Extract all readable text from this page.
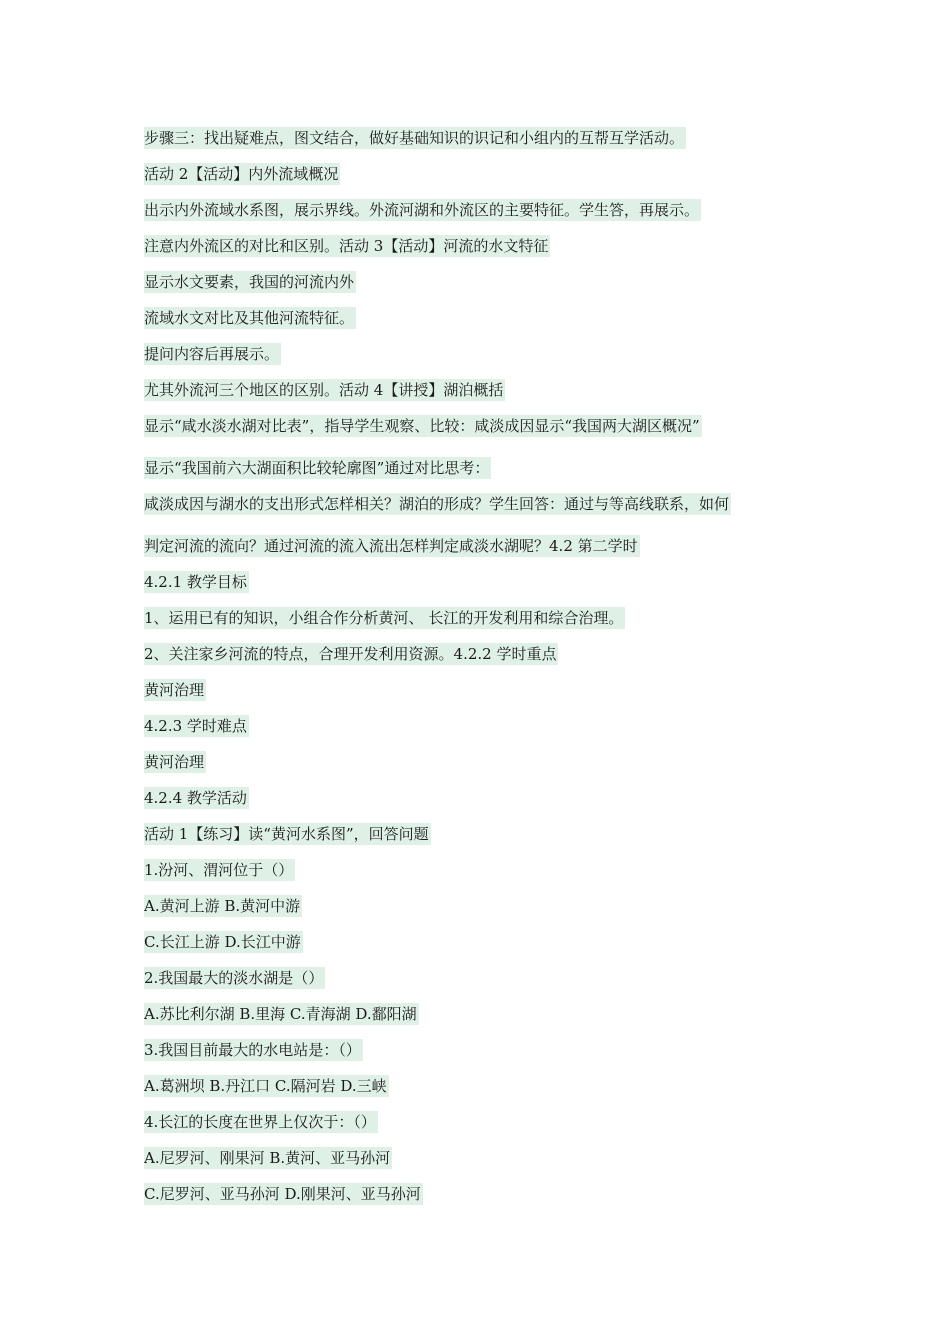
步骤三：找出疑难点，图文结合，做好基础知识的识记和小组内的互帮互学活动。
活动 2【活动】内外流域概况
出示内外流域水系图，展示界线。外流河湖和外流区的主要特征。学生答，再展示。
注意内外流区的对比和区别。活动 3【活动】河流的水文特征
显示水文要素，我国的河流内外
流域水文对比及其他河流特征。
提问内容后再展示。
尤其外流河三个地区的区别。活动 4【讲授】湖泊概括
显示“咸水淡水湖对比表”，指导学生观察、比较：咸淡成因显示“我国两大湖区概况”
显示“我国前六大湖面积比较轮廓图”通过对比思考：
咸淡成因与湖水的支出形式怎样相关？湖泊的形成？学生回答：通过与等高线联系，如何
判定河流的流向？通过河流的流入流出怎样判定咸淡水湖呢？4.2 第二学时
4.2.1 教学目标
1、运用已有的知识，小组合作分析黄河、 长江的开发利用和综合治理。
2、关注家乡河流的特点，合理开发利用资源。4.2.2 学时重点
黄河治理
4.2.3 学时难点
黄河治理
4.2.4 教学活动
活动 1【练习】读“黄河水系图”，回答问题
1.汾河、渭河位于（）
A.黄河上游 B.黄河中游
C.长江上游 D.长江中游
2.我国最大的淡水湖是（）
A.苏比利尔湖 B.里海 C.青海湖 D.鄱阳湖
3.我国目前最大的水电站是：（）
A.葛洲坝 B.丹江口 C.隔河岩 D.三峡
4.长江的长度在世界上仅次于：（）
A.尼罗河、刚果河 B.黄河、亚马孙河
C.尼罗河、亚马孙河 D.刚果河、亚马孙河
